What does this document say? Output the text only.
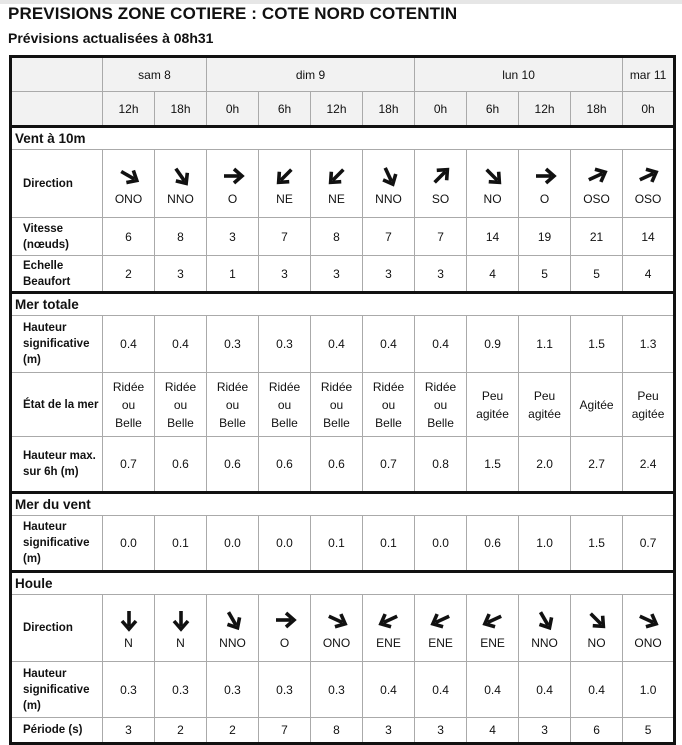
PREVISIONS ZONE COTIERE : COTE NORD COTENTIN
Prévisions actualisées à 08h31
	sam 8		dim 9				lun 10				mar 11
	12h	18h	0h	6h	12h	18h	0h	6h	12h	18h	0h
Vent à 10m											
Direction	ONO	NNO	O	NE	NE	NNO	SO	NO	O	OSO	OSO

Vitesse (nœuds)	6	8	3	7	8	7	7	14	19	21	14
Echelle Beaufort	2	3	1	3	3	3	3	4	5	5	4
Mer totale											
Hauteur significative (m)	0.4	0.4	0.3	0.3	0.4	0.4	0.4	0.9	1.1	1.5	1.3
État de la mer	Ridée ou Belle	Ridée ou Belle	Ridée ou Belle	Ridée ou Belle	Ridée ou Belle	Ridée ou Belle	Ridée ou Belle	Peu agitée	Peu agitée	Agitée	Peu agitée
Hauteur max. sur 6h (m)	0.7	0.6	0.6	0.6	0.6	0.7	0.8	1.5	2.0	2.7	2.4
Mer du vent											
Hauteur significative (m)	0.0	0.1	0.0	0.0	0.1	0.1	0.0	0.6	1.0	1.5	0.7
Houle											
Direction	N	N	NNO	O	ONO	ENE	ENE	ENE	NNO	NO	ONO

Hauteur significative (m)	0.3	0.3	0.3	0.3	0.3	0.4	0.4	0.4	0.4	0.4	1.0
Période (s)	3	2	2	7	8	3	3	4	3	6	5
